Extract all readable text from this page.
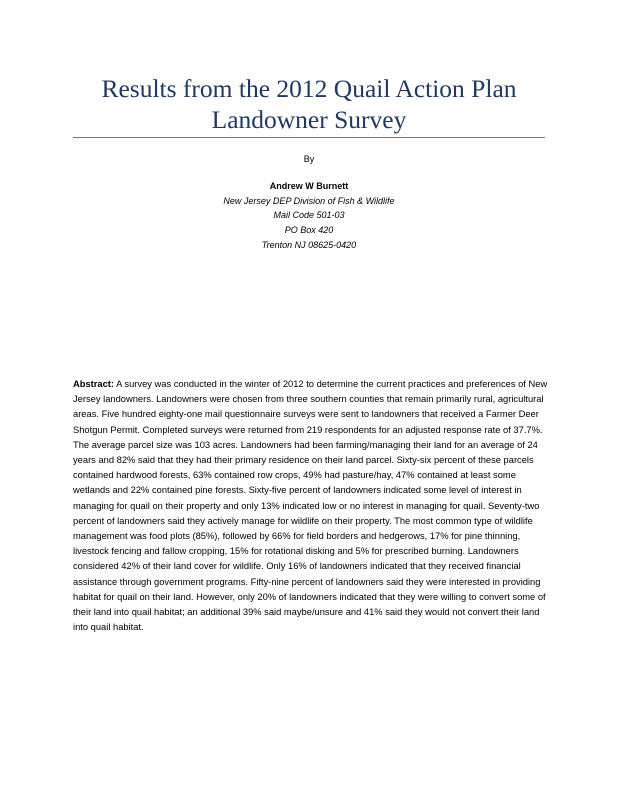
Results from the 2012 Quail Action Plan
Landowner Survey

By

Andrew W Burnett

New Jersey DEP Division of Fish & Wildlife

Mail Code 501-03

PO Box 420

Trenton NJ 08625-0420

Abstract: A survey was conducted in the winter of 2012 to determine the current practices and preferences of New Jersey landowners. Landowners were chosen from three southern counties that remain primarily rural, agricultural areas. Five hundred eighty-one mail questionnaire surveys were sent to landowners that received a Farmer Deer Shotgun Permit. Completed surveys were returned from 219 respondents for an adjusted response rate of 37.7%. The average parcel size was 103 acres. Landowners had been farming/managing their land for an average of 24 years and 82% said that they had their primary residence on their land parcel. Sixty-six percent of these parcels contained hardwood forests, 63% contained row crops, 49% had pasture/hay, 47% contained at least some wetlands and 22% contained pine forests. Sixty-five percent of landowners indicated some level of interest in managing for quail on their property and only 13% indicated low or no interest in managing for quail. Seventy-two percent of landowners said they actively manage for wildlife on their property. The most common type of wildlife management was food plots (85%), followed by 66% for field borders and hedgerows, 17% for pine thinning, livestock fencing and fallow cropping, 15% for rotational disking and 5% for prescribed burning. Landowners considered 42% of their land cover for wildlife. Only 16% of landowners indicated that they received financial assistance through government programs. Fifty-nine percent of landowners said they were interested in providing habitat for quail on their land. However, only 20% of landowners indicated that they were willing to convert some of their land into quail habitat; an additional 39% said maybe/unsure and 41% said they would not convert their land into quail habitat.
